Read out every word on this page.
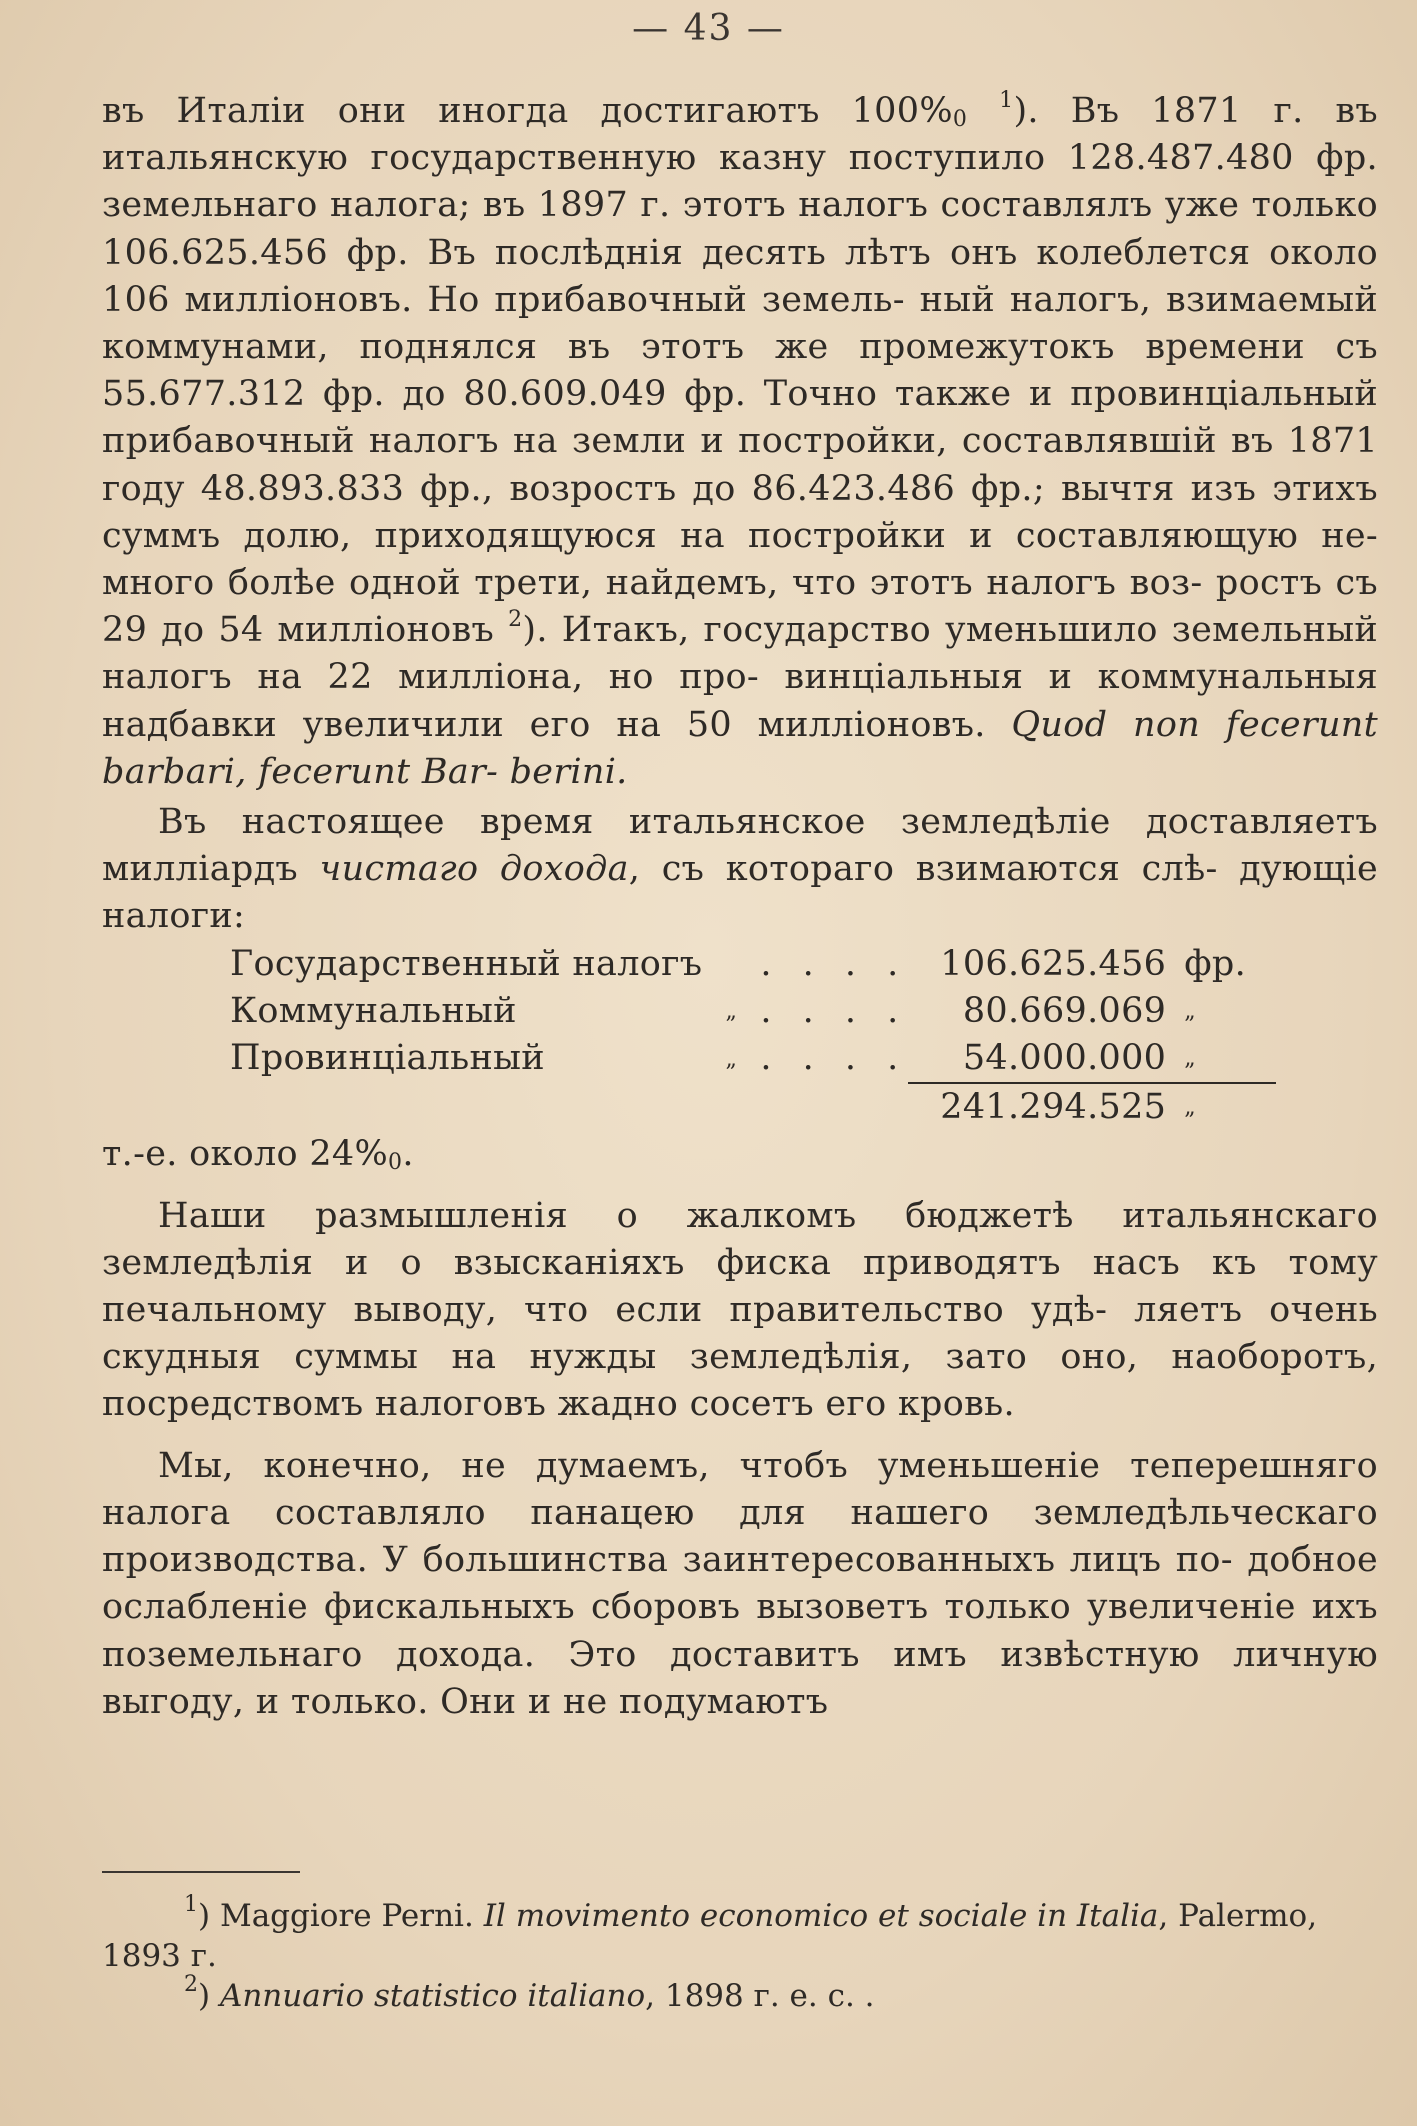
— 43 —

въ Италіи они иногда достигаютъ $100\%_0$ $^1$). Въ 1871 г. въ итальянскую государственную казну поступило 128.487.480 фр. земельнаго налога; въ 1897 г. этотъ налогъ составлялъ уже только 106.625.456 фр. Въ послѣднія десять лѣтъ онъ колеблется около 106 милліоновъ. Но прибавочный земель- ный налогъ, взимаемый коммунами, поднялся въ этотъ же промежутокъ времени съ 55.677.312 фр. до 80.609.049 фр. Точно также и провинціальный прибавочный налогъ на земли и постройки, составлявшій въ 1871 году 48.893.833 фр., возростъ до 86.423.486 фр.; вычтя изъ этихъ суммъ долю, приходящуюся на постройки и составляющую не- много болѣе одной трети, найдемъ, что этотъ налогъ воз- ростъ съ 29 до 54 милліоновъ $^2$). Итакъ, государство уменьшило земельный налогъ на 22 милліона, но про- винціальныя и коммунальныя надбавки увеличили его на 50 милліоновъ. Quod non fecerunt barbari, fecerunt Bar- berini.

Въ настоящее время итальянское земледѣліе доставляетъ милліардъ чистаго дохода, съ котораго взимаются слѣ- дующіе налоги:

Государственный налогъ		. . . .	106.625.456	фр.
Коммунальный	„	. . . .	80.669.069	„
Провинціальный	„	. . . .	54.000.000	„
			241.294.525	„

т.-е. около $24\%_0$.

Наши размышленія о жалкомъ бюджетѣ итальянскаго земледѣлія и о взысканіяхъ фиска приводятъ насъ къ тому печальному выводу, что если правительство удѣ- ляетъ очень скудныя суммы на нужды земледѣлія, зато оно, наоборотъ, посредствомъ налоговъ жадно сосетъ его кровь.

Мы, конечно, не думаемъ, чтобъ уменьшеніе теперешняго налога составляло панацею для нашего земледѣльческаго производства. У большинства заинтересованныхъ лицъ по- добное ослабленіе фискальныхъ сборовъ вызоветъ только увеличеніе ихъ поземельнаго дохода. Это доставитъ имъ извѣстную личную выгоду, и только. Они и не подумаютъ

$^1$) Maggiore Perni. Il movimento economico et sociale in Italia, Palermo, 1893 г.

$^2$) Annuario statistico italiano, 1898 г. е. с. .
